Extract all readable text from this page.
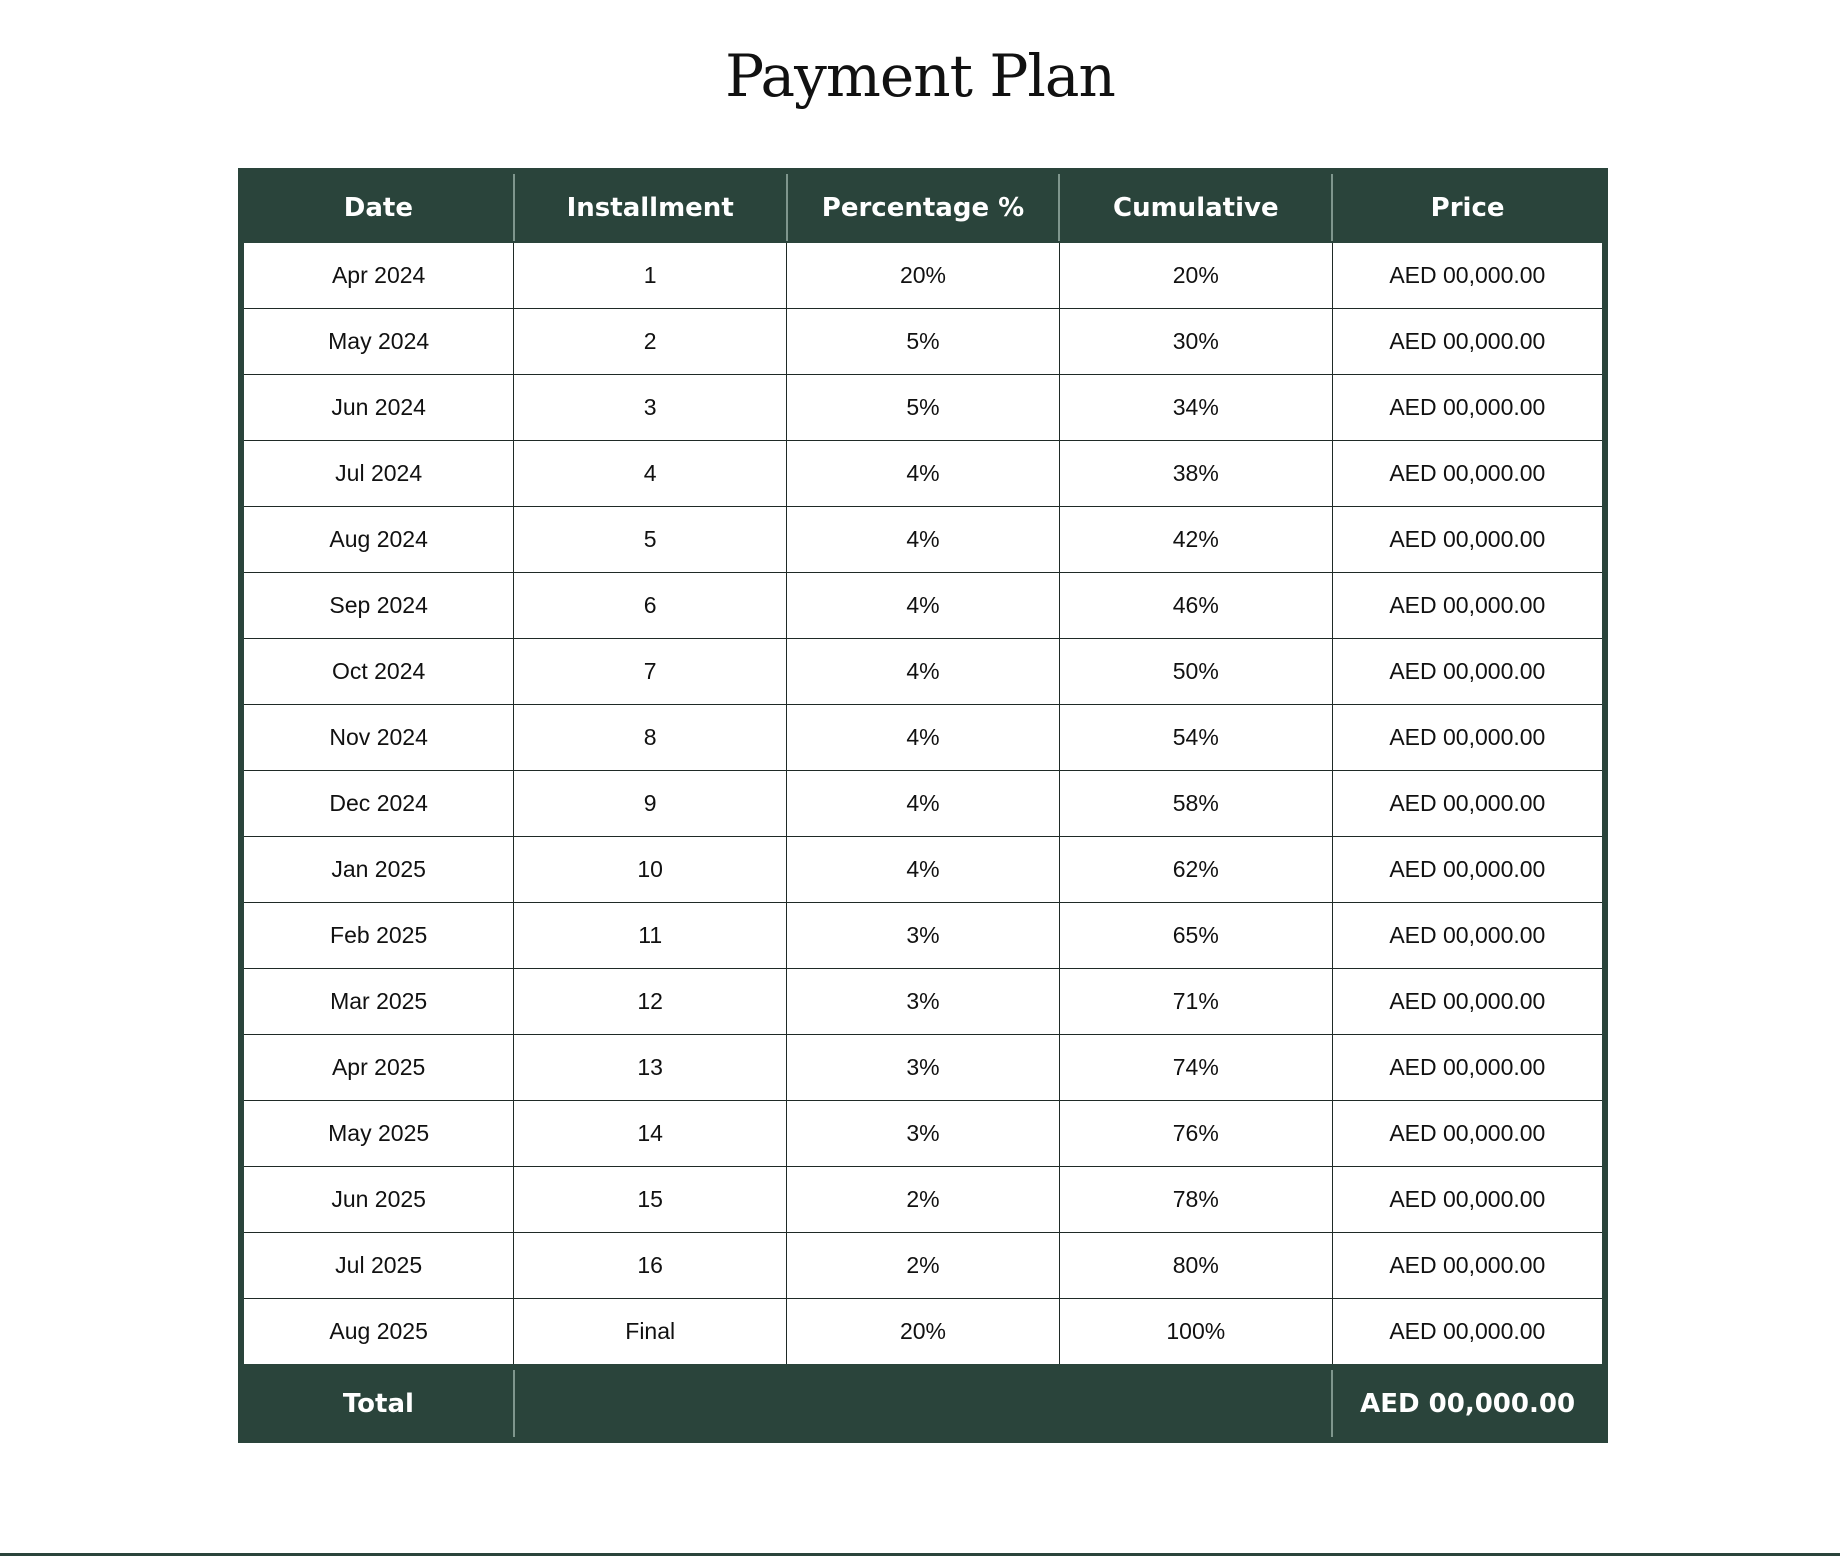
Payment Plan
Date	Installment	Percentage %	Cumulative	Price
Apr 2024	1	20%	20%	AED 00,000.00
May 2024	2	5%	30%	AED 00,000.00
Jun 2024	3	5%	34%	AED 00,000.00
Jul 2024	4	4%	38%	AED 00,000.00
Aug 2024	5	4%	42%	AED 00,000.00
Sep 2024	6	4%	46%	AED 00,000.00
Oct 2024	7	4%	50%	AED 00,000.00
Nov 2024	8	4%	54%	AED 00,000.00
Dec 2024	9	4%	58%	AED 00,000.00
Jan 2025	10	4%	62%	AED 00,000.00
Feb 2025	11	3%	65%	AED 00,000.00
Mar 2025	12	3%	71%	AED 00,000.00
Apr 2025	13	3%	74%	AED 00,000.00
May 2025	14	3%	76%	AED 00,000.00
Jun 2025	15	2%	78%	AED 00,000.00
Jul 2025	16	2%	80%	AED 00,000.00
Aug 2025	Final	20%	100%	AED 00,000.00
Total				AED 00,000.00
